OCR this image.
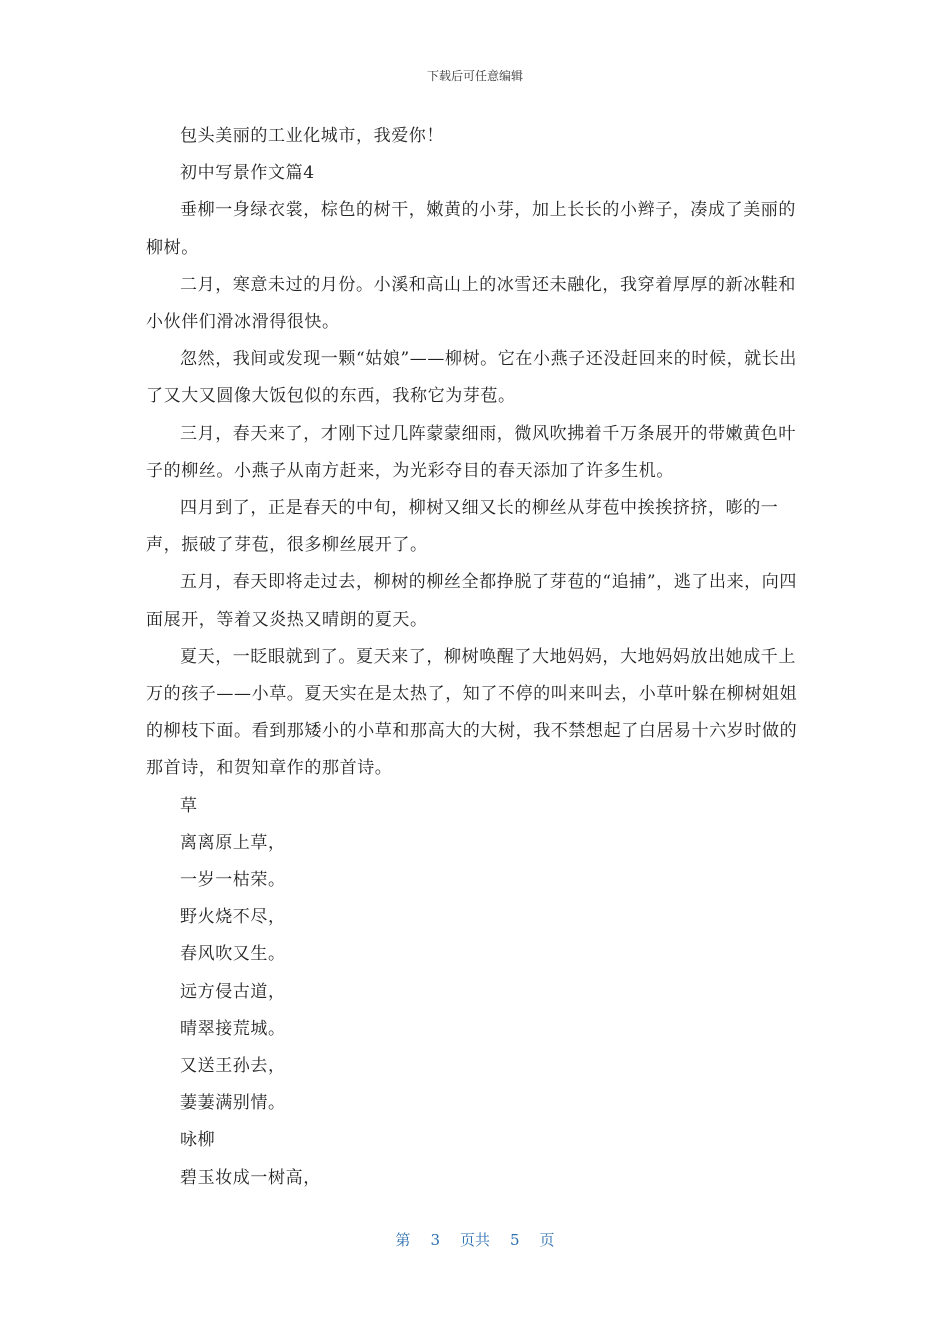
下载后可任意编辑

包头美丽的工业化城市，我爱你！

初中写景作文篇4

垂柳一身绿衣裳，棕色的树干，嫩黄的小芽，加上长长的小辫子，凑成了美丽的柳树。

二月，寒意未过的月份。小溪和高山上的冰雪还未融化，我穿着厚厚的新冰鞋和小伙伴们滑冰滑得很快。

忽然，我间或发现一颗“姑娘”——柳树。它在小燕子还没赶回来的时候，就长出了又大又圆像大饭包似的东西，我称它为芽苞。

三月，春天来了，才刚下过几阵蒙蒙细雨，微风吹拂着千万条展开的带嫩黄色叶子的柳丝。小燕子从南方赶来，为光彩夺目的春天添加了许多生机。

四月到了，正是春天的中旬，柳树又细又长的柳丝从芽苞中挨挨挤挤，嘭的一声，振破了芽苞，很多柳丝展开了。

五月，春天即将走过去，柳树的柳丝全都挣脱了芽苞的“追捕”，逃了出来，向四面展开，等着又炎热又晴朗的夏天。

夏天，一眨眼就到了。夏天来了，柳树唤醒了大地妈妈，大地妈妈放出她成千上万的孩子——小草。夏天实在是太热了，知了不停的叫来叫去，小草叶躲在柳树姐姐的柳枝下面。看到那矮小的小草和那高大的大树，我不禁想起了白居易十六岁时做的那首诗，和贺知章作的那首诗。

草

离离原上草，

一岁一枯荣。

野火烧不尽，

春风吹又生。

远方侵古道，

晴翠接荒城。

又送王孙去，

萋萋满别情。

咏柳

碧玉妆成一树高，

第 3 页共 5 页
